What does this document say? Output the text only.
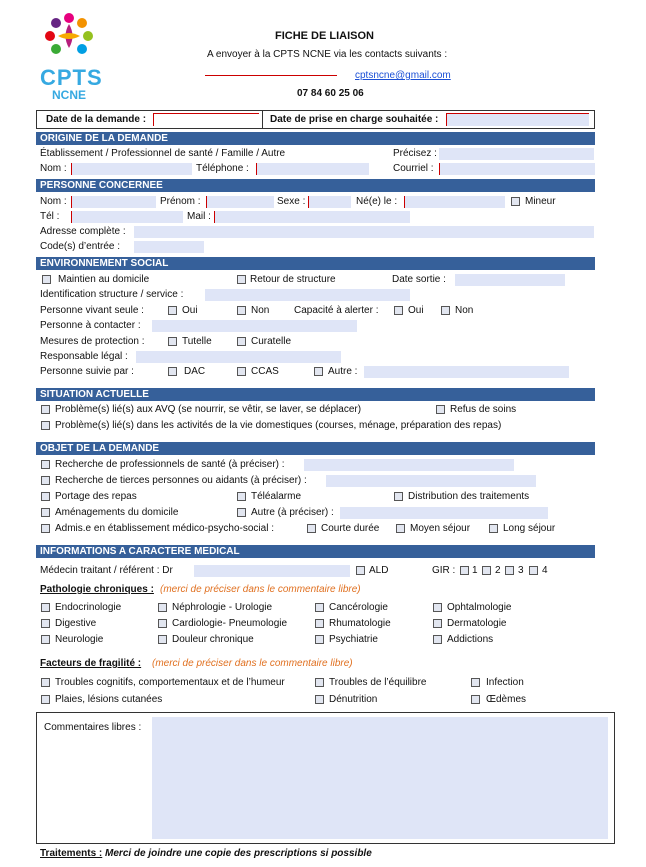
CPTS
NCNE
FICHE DE LIAISON
A envoyer à la CPTS NCNE via les contacts suivants :
cptsncne@gmail.com
07 84 60 25 06
Date de la demande :	Date de prise en charge souhaitée :
ORIGINE DE LA DEMANDE
Établissement / Professionnel de santé / Famille / Autre	Précisez :
Nom :	Téléphone :	Courriel :
PERSONNE CONCERNEE
Nom :	Prénom :	Sexe :	Né(e) le :	Mineur
Tél :	Mail :
Adresse complète :
Code(s) d’entrée :
ENVIRONNEMENT SOCIAL
Maintien au domicile	Retour de structure	Date sortie :
Identification structure / service :
Personne vivant seule :	Oui	Non Capacité à alerter :	Oui	Non
Personne à contacter :
Mesures de protection :	Tutelle	Curatelle
Responsable légal :
Personne suivie par :	DAC	CCAS	Autre :
SITUATION ACTUELLE
Problème(s) lié(s) aux AVQ (se nourrir, se vêtir, se laver, se déplacer)	Refus de soins
Problème(s) lié(s) dans les activités de la vie domestiques (courses, ménage, préparation des repas)
OBJET DE LA DEMANDE
Recherche de professionnels de santé (à préciser) :
Recherche de tierces personnes ou aidants (à préciser) :
Portage des repas	Téléalarme	Distribution des traitements
Aménagements du domicile	Autre (à préciser) :
Admis.e en établissement médico-psycho-social :	Courte durée	Moyen séjour	Long séjour
INFORMATIONS A CARACTERE MEDICAL
Médecin traitant / référent : Dr	ALD	GIR : 1 2 3 4
Pathologie chroniques : (merci de préciser dans le commentaire libre)
Endocrinologie	Néphrologie - Urologie	Cancérologie	Ophtalmologie
Digestive	Cardiologie- Pneumologie	Rhumatologie	Dermatologie
Neurologie	Douleur chronique	Psychiatrie	Addictions
Facteurs de fragilité : (merci de préciser dans le commentaire libre)
Troubles cognitifs, comportementaux et de l’humeur	Troubles de l’équilibre	Infection
Plaies, lésions cutanées	Dénutrition	Œdèmes
Commentaires libres :
Traitements : Merci de joindre une copie des prescriptions si possible
